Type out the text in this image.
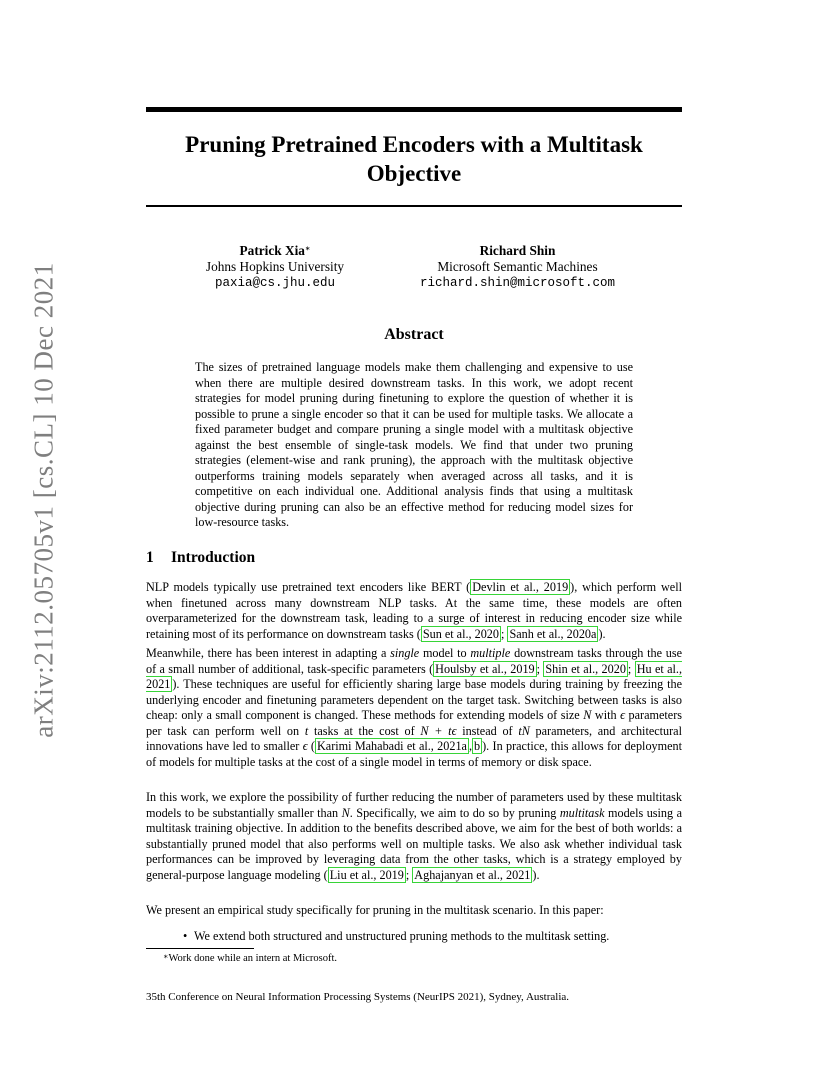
arXiv:2112.05705v1 [cs.CL] 10 Dec 2021
Pruning Pretrained Encoders with a Multitask
Objective
Patrick Xia∗
Johns Hopkins University
paxia@cs.jhu.edu
Richard Shin
Microsoft Semantic Machines
richard.shin@microsoft.com
Abstract
The sizes of pretrained language models make them challenging and expensive to use when there are multiple desired downstream tasks. In this work, we adopt recent strategies for model pruning during finetuning to explore the question of whether it is possible to prune a single encoder so that it can be used for multiple tasks. We allocate a fixed parameter budget and compare pruning a single model with a multitask objective against the best ensemble of single-task models. We find that under two pruning strategies (element-wise and rank pruning), the approach with the multitask objective outperforms training models separately when averaged across all tasks, and it is competitive on each individual one. Additional analysis finds that using a multitask objective during pruning can also be an effective method for reducing model sizes for low-resource tasks.
1 Introduction
NLP models typically use pretrained text encoders like BERT ( Devlin et al., 2019 ), which perform well when finetuned across many downstream NLP tasks. At the same time, these models are often overparameterized for the downstream task, leading to a surge of interest in reducing encoder size while retaining most of its performance on downstream tasks ( Sun et al., 2020 ; Sanh et al., 2020a ).
Meanwhile, there has been interest in adapting a single model to multiple downstream tasks through the use of a small number of additional, task-specific parameters ( Houlsby et al., 2019 ; Shin et al., 2020 ; Hu et al., 2021 ). These techniques are useful for efficiently sharing large base models during training by freezing the underlying encoder and finetuning parameters dependent on the target task. Switching between tasks is also cheap: only a small component is changed. These methods for extending models of size N with ϵ parameters per task can perform well on t tasks at the cost of N + tϵ instead of tN parameters, and architectural innovations have led to smaller ϵ ( Karimi Mahabadi et al., 2021a , b ). In practice, this allows for deployment of models for multiple tasks at the cost of a single model in terms of memory or disk space.
In this work, we explore the possibility of further reducing the number of parameters used by these multitask models to be substantially smaller than N. Specifically, we aim to do so by pruning multitask models using a multitask training objective. In addition to the benefits described above, we aim for the best of both worlds: a substantially pruned model that also performs well on multiple tasks. We also ask whether individual task performances can be improved by leveraging data from the other tasks, which is a strategy employed by general-purpose language modeling ( Liu et al., 2019 ; Aghajanyan et al., 2021 ).
We present an empirical study specifically for pruning in the multitask scenario. In this paper:
• We extend both structured and unstructured pruning methods to the multitask setting.
∗Work done while an intern at Microsoft.
35th Conference on Neural Information Processing Systems (NeurIPS 2021), Sydney, Australia.
